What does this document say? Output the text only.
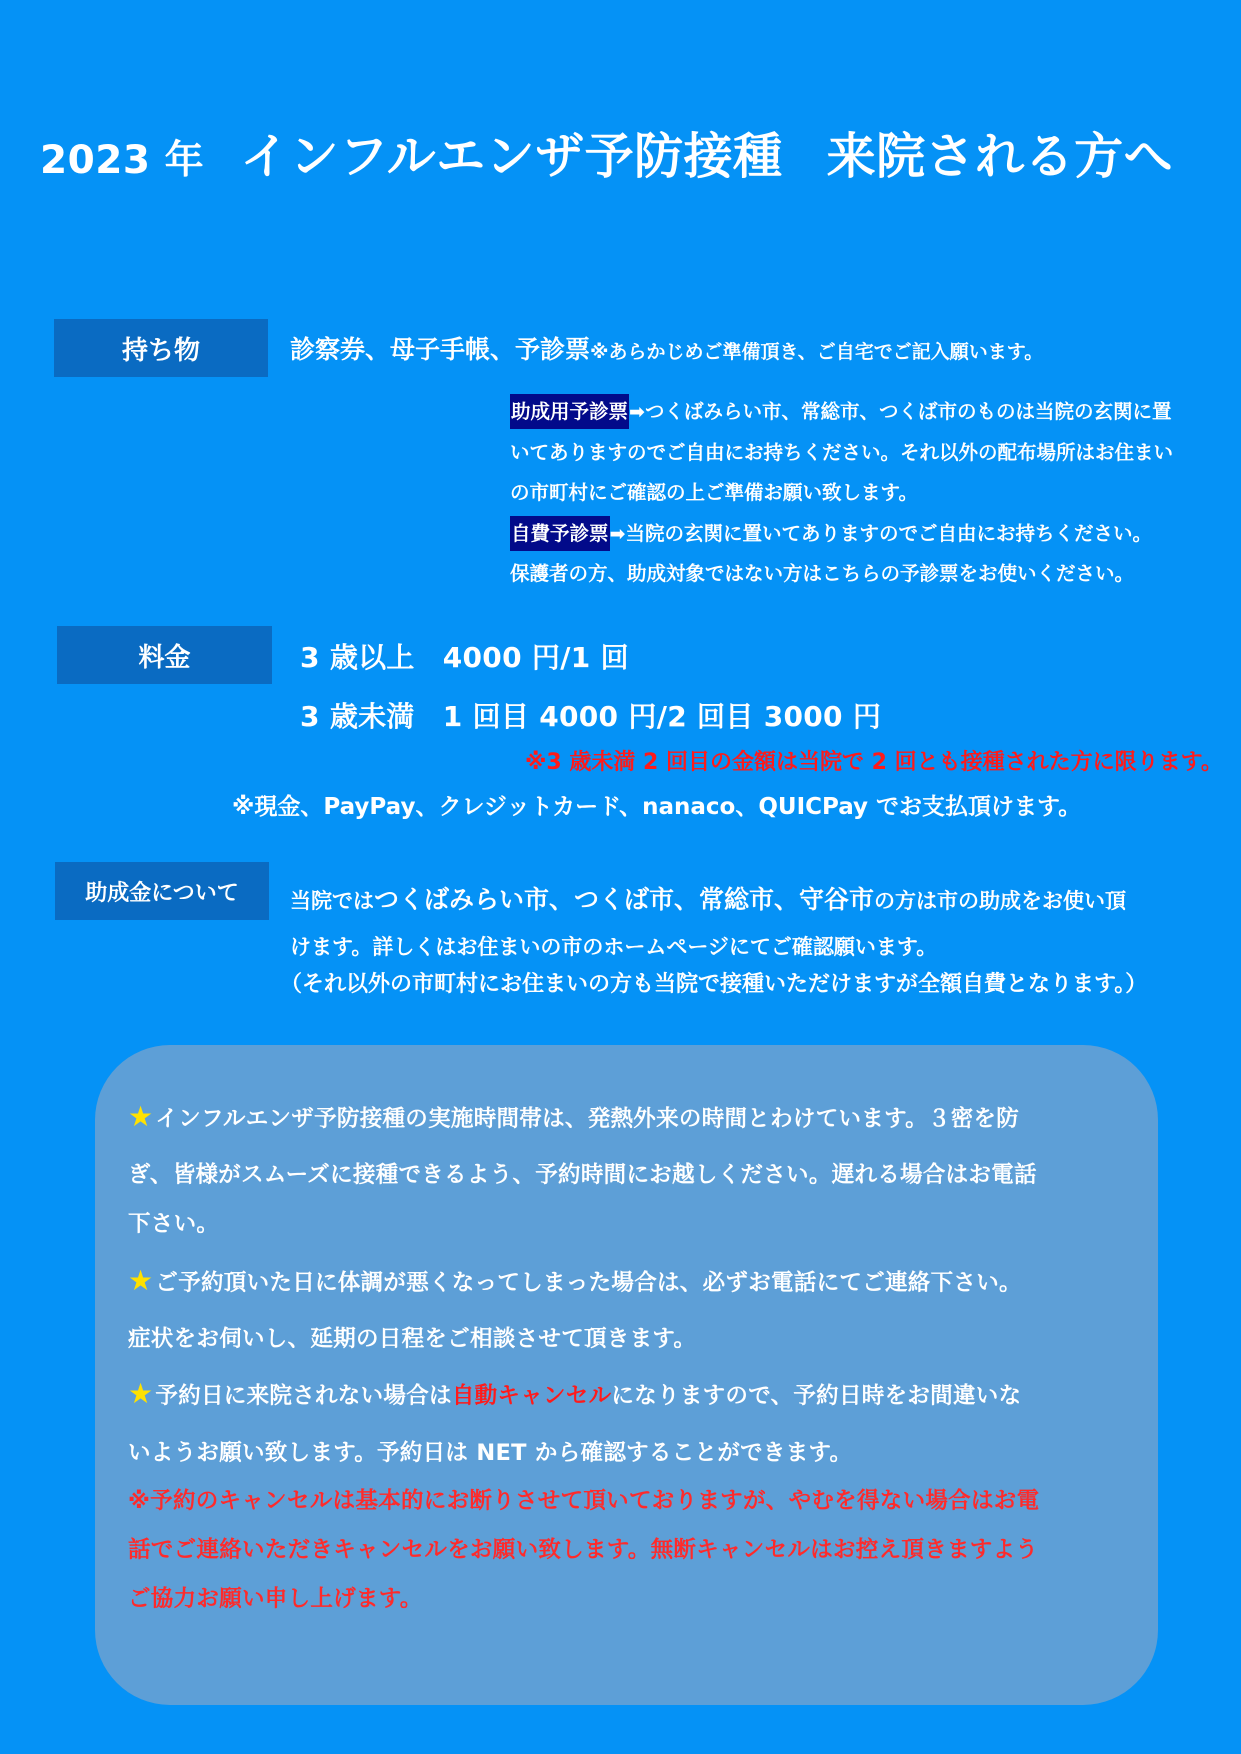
2023 年 インフルエンザ予防接種 来院される方へ
持ち物	診察券、母子手帳、予診票※あらかじめご準備頂き、ご自宅でご記入願います。
助成用予診票➡つくばみらい市、常総市、つくば市のものは当院の玄関に置
いてありますのでご自由にお持ちください。それ以外の配布場所はお住まい
の市町村にご確認の上ご準備お願い致します。
自費予診票➡当院の玄関に置いてありますのでご自由にお持ちください。
保護者の方、助成対象ではない方はこちらの予診票をお使いください。
料金	3 歳以上 4000 円/1 回
3 歳未満 1 回目 4000 円/2 回目 3000 円
※3 歳未満 2 回目の金額は当院で 2 回とも接種された方に限ります。
※現金、PayPay、クレジットカード、nanaco、QUICPay でお支払頂けます。
助成金について	当院ではつくばみらい市、つくば市、常総市、守谷市の方は市の助成をお使い頂
けます。詳しくはお住まいの市のホームページにてご確認願います。
（それ以外の市町村にお住まいの方も当院で接種いただけますが全額自費となります。）
★インフルエンザ予防接種の実施時間帯は、発熱外来の時間とわけています。３密を防
ぎ、皆様がスムーズに接種できるよう、予約時間にお越しください。遅れる場合はお電話
下さい。
★ご予約頂いた日に体調が悪くなってしまった場合は、必ずお電話にてご連絡下さい。
症状をお伺いし、延期の日程をご相談させて頂きます。
★予約日に来院されない場合は自動キャンセルになりますので、予約日時をお間違いな
いようお願い致します。予約日は NET から確認することができます。
※予約のキャンセルは基本的にお断りさせて頂いておりますが、やむを得ない場合はお電
話でご連絡いただきキャンセルをお願い致します。無断キャンセルはお控え頂きますよう
ご協力お願い申し上げます。
